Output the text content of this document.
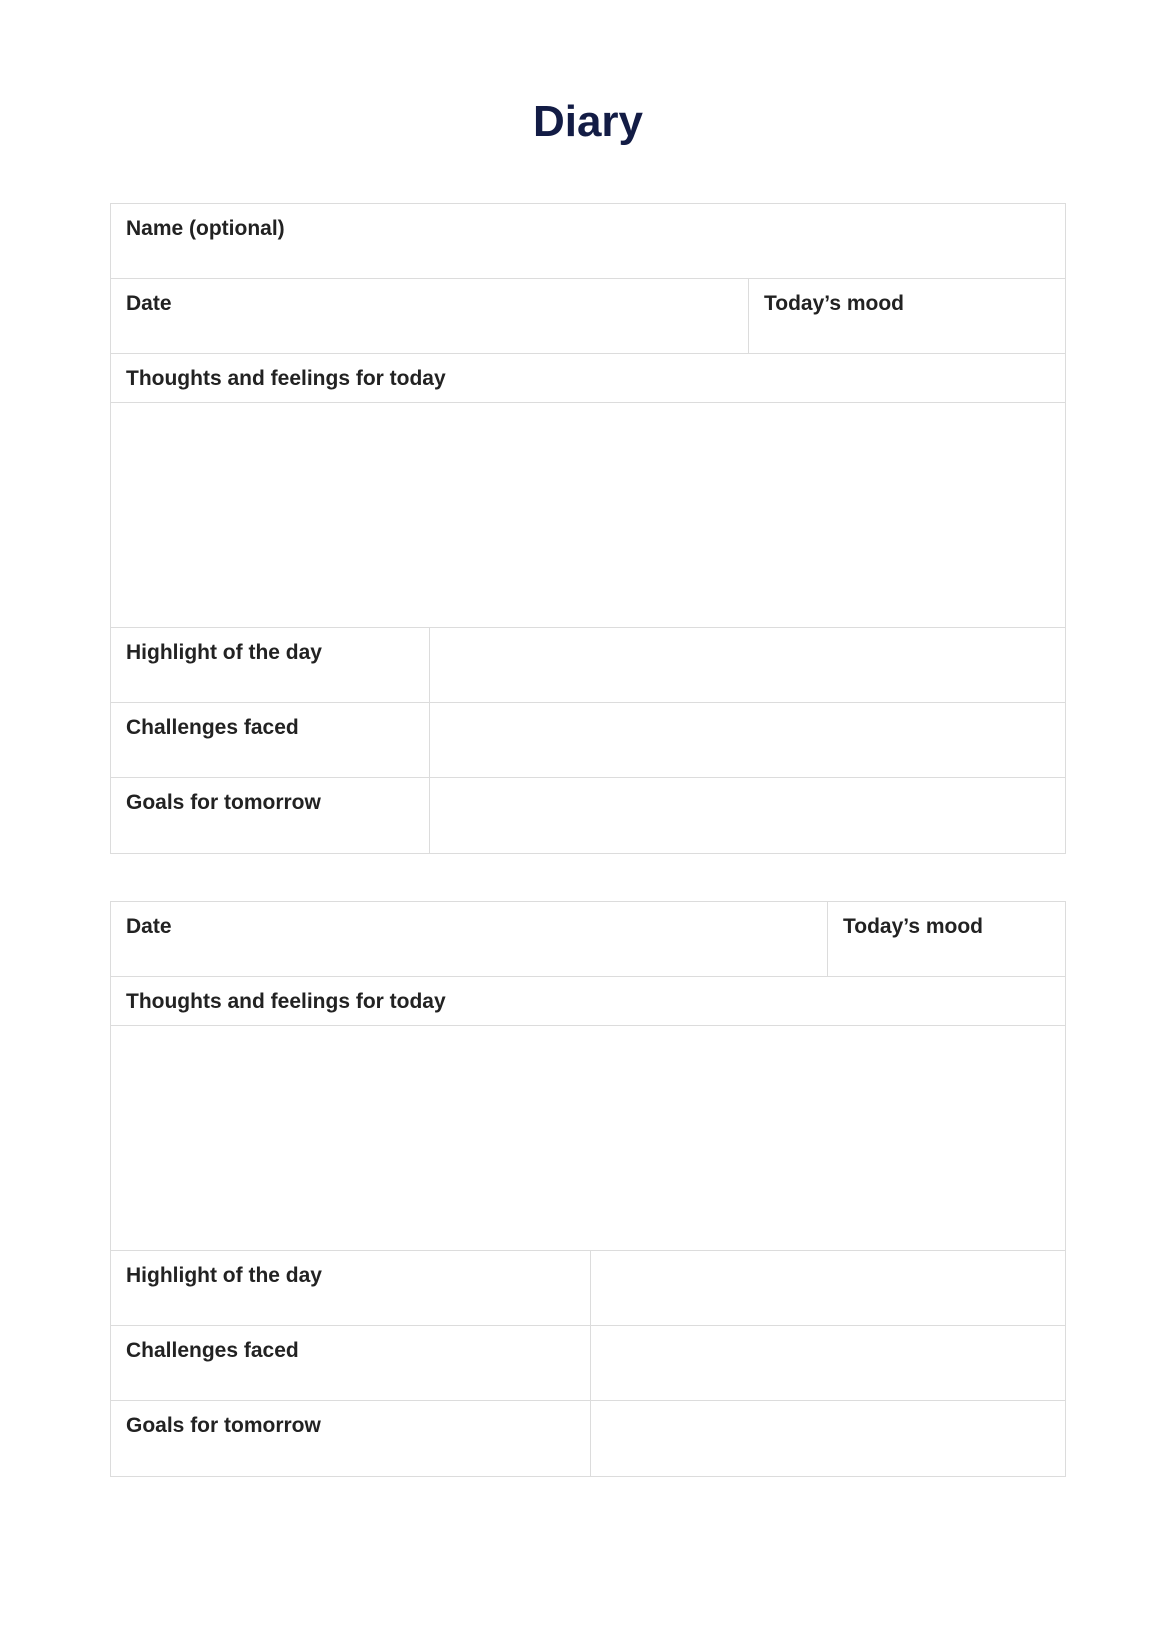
Diary
Name (optional)
Date	Today’s mood
Thoughts and feelings for today
Highlight of the day
Challenges faced
Goals for tomorrow
Date	Today’s mood
Thoughts and feelings for today
Highlight of the day
Challenges faced
Goals for tomorrow
